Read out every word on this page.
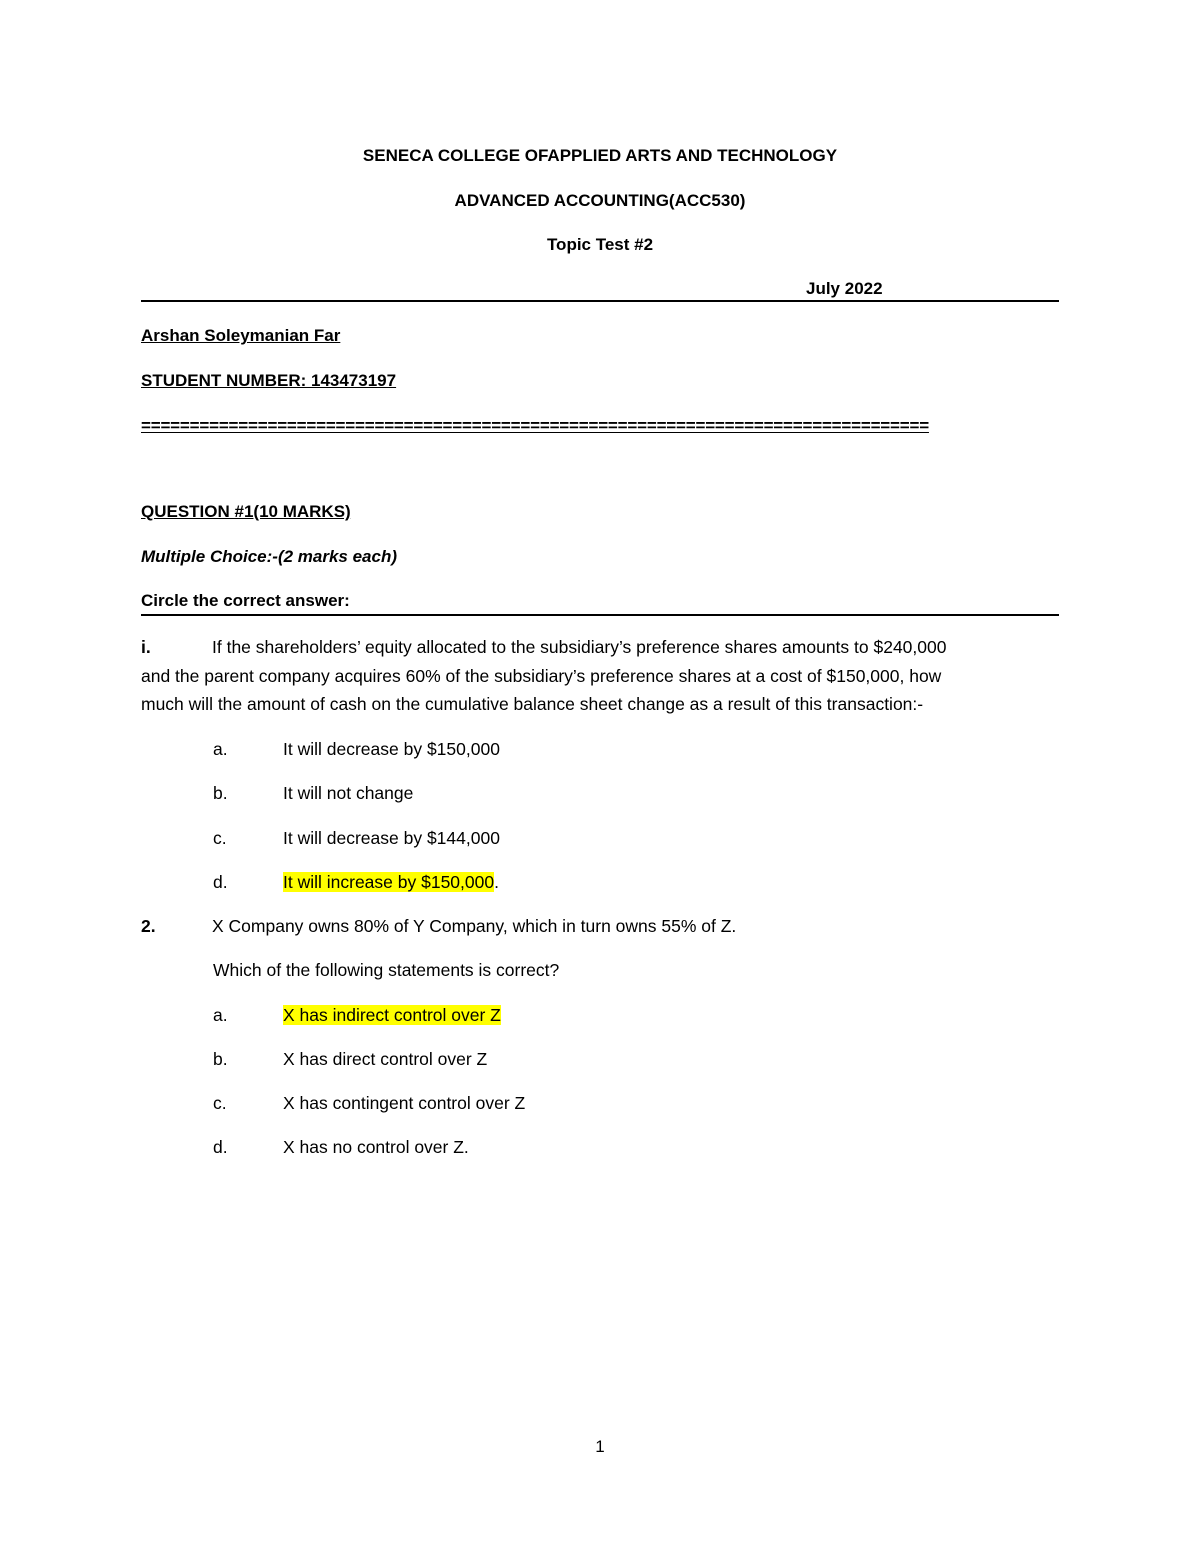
SENECA COLLEGE OFAPPLIED ARTS AND TECHNOLOGY
ADVANCED ACCOUNTING(ACC530)
Topic Test #2
July 2022
Arshan Soleymanian Far
STUDENT NUMBER: 143473197
=================================================================================
QUESTION #1(10 MARKS)
Multiple Choice:-(2 marks each)
Circle the correct answer:
i.	If the shareholders’ equity allocated to the subsidiary’s preference shares amounts to $240,000
and the parent company acquires 60% of the subsidiary’s preference shares at a cost of $150,000, how
much will the amount of cash on the cumulative balance sheet change as a result of this transaction:-
a.	It will decrease by $150,000
b.	It will not change
c.	It will decrease by $144,000
d.	It will increase by $150,000.
2.	X Company owns 80% of Y Company, which in turn owns 55% of Z.
Which of the following statements is correct?
a.	X has indirect control over Z
b.	X has direct control over Z
c.	X has contingent control over Z
d.	X has no control over Z.
1
